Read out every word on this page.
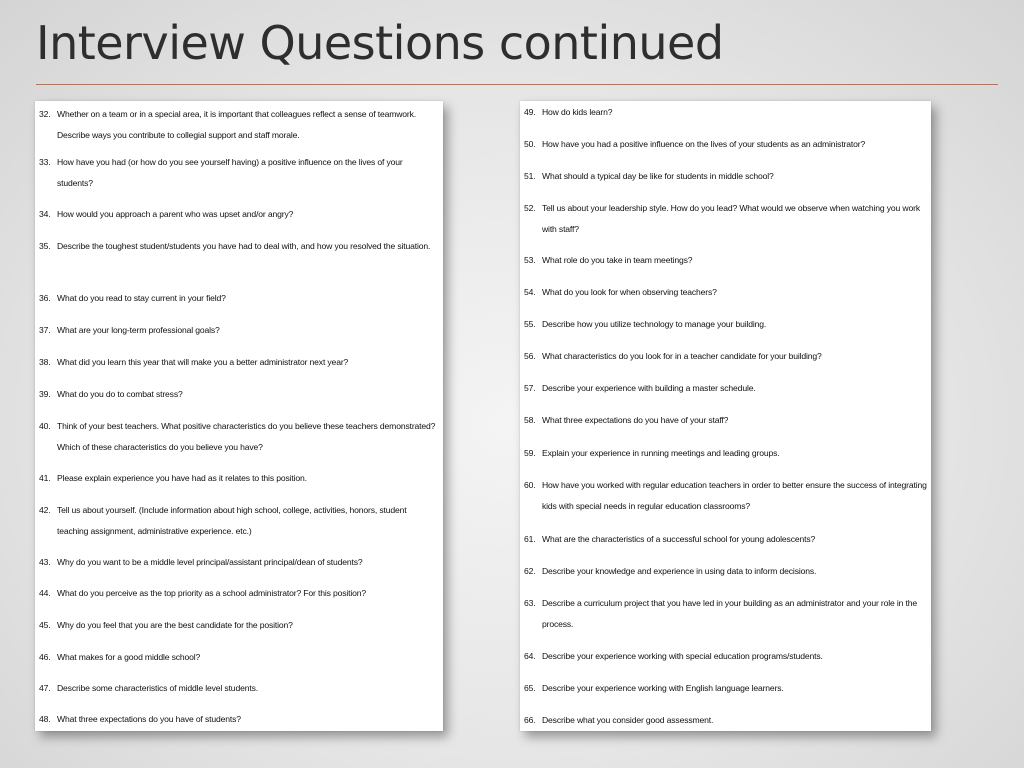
Interview Questions continued
32. Whether on a team or in a special area, it is important that colleagues reflect a sense of teamwork. Describe ways you contribute to collegial support and staff morale.
33. How have you had (or how do you see yourself having) a positive influence on the lives of your students?
34. How would you approach a parent who was upset and/or angry?
35. Describe the toughest student/students you have had to deal with, and how you resolved the situation.
36. What do you read to stay current in your field?
37. What are your long-term professional goals?
38. What did you learn this year that will make you a better administrator next year?
39. What do you do to combat stress?
40. Think of your best teachers. What positive characteristics do you believe these teachers demonstrated? Which of these characteristics do you believe you have?
41. Please explain experience you have had as it relates to this position.
42. Tell us about yourself. (Include information about high school, college, activities, honors, student teaching assignment, administrative experience. etc.)
43. Why do you want to be a middle level principal/assistant principal/dean of students?
44. What do you perceive as the top priority as a school administrator? For this position?
45. Why do you feel that you are the best candidate for the position?
46. What makes for a good middle school?
47. Describe some characteristics of middle level students.
48. What three expectations do you have of students?
49. How do kids learn?
50. How have you had a positive influence on the lives of your students as an administrator?
51. What should a typical day be like for students in middle school?
52. Tell us about your leadership style. How do you lead? What would we observe when watching you work with staff?
53. What role do you take in team meetings?
54. What do you look for when observing teachers?
55. Describe how you utilize technology to manage your building.
56. What characteristics do you look for in a teacher candidate for your building?
57. Describe your experience with building a master schedule.
58. What three expectations do you have of your staff?
59. Explain your experience in running meetings and leading groups.
60. How have you worked with regular education teachers in order to better ensure the success of integrating kids with special needs in regular education classrooms?
61. What are the characteristics of a successful school for young adolescents?
62. Describe your knowledge and experience in using data to inform decisions.
63. Describe a curriculum project that you have led in your building as an administrator and your role in the process.
64. Describe your experience working with special education programs/students.
65. Describe your experience working with English language learners.
66. Describe what you consider good assessment.
